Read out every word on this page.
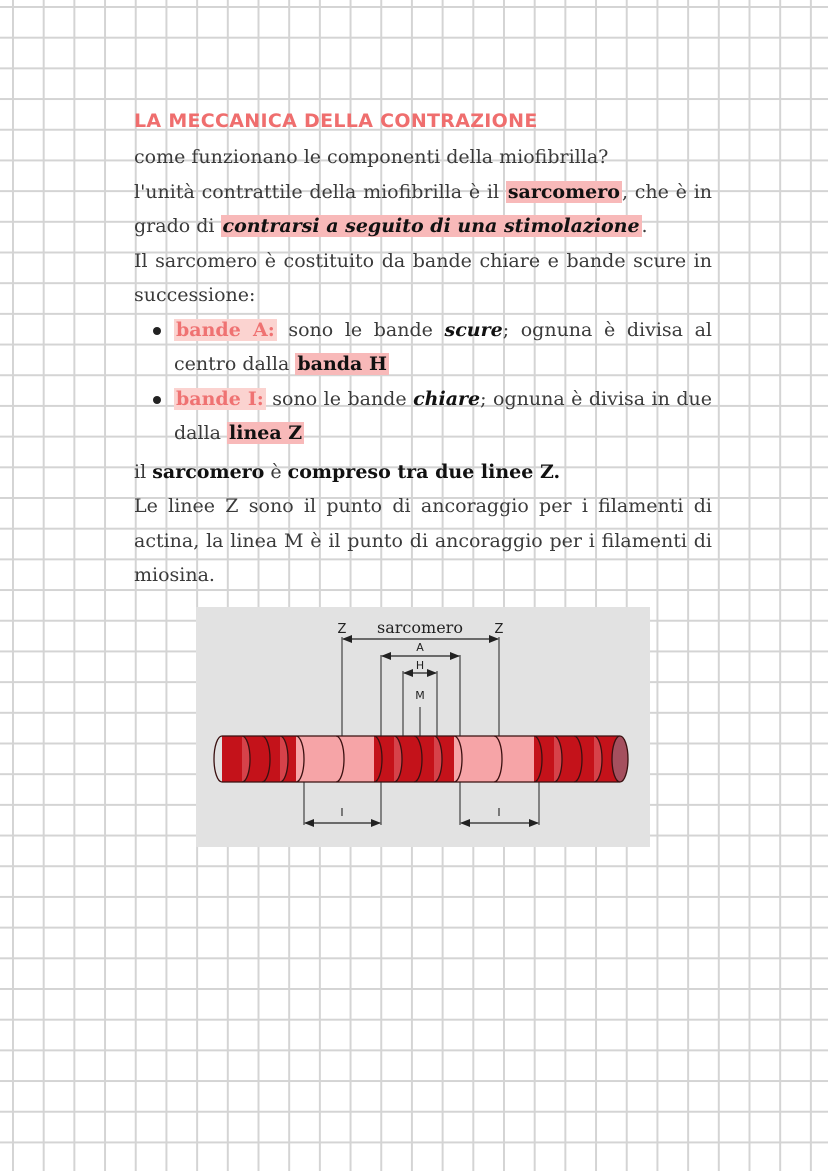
LA MECCANICA DELLA CONTRAZIONE

come funzionano le componenti della miofibrilla?

l'unità contrattile della miofibrilla è il sarcomero , che è in grado di contrarsi a seguito di una stimolazione .

Il sarcomero è costituito da bande chiare e bande scure in successione:

bande A: sono le bande scure; ognuna è divisa al centro dalla banda H
bande I: sono le bande chiare; ognuna è divisa in due dalla linea Z

il sarcomero è compreso tra due linee Z.

Le linee Z sono il punto di ancoraggio per i filamenti di actina, la linea M è il punto di ancoraggio per i filamenti di miosina.

Z sarcomero Z
A
H
M
I	I
